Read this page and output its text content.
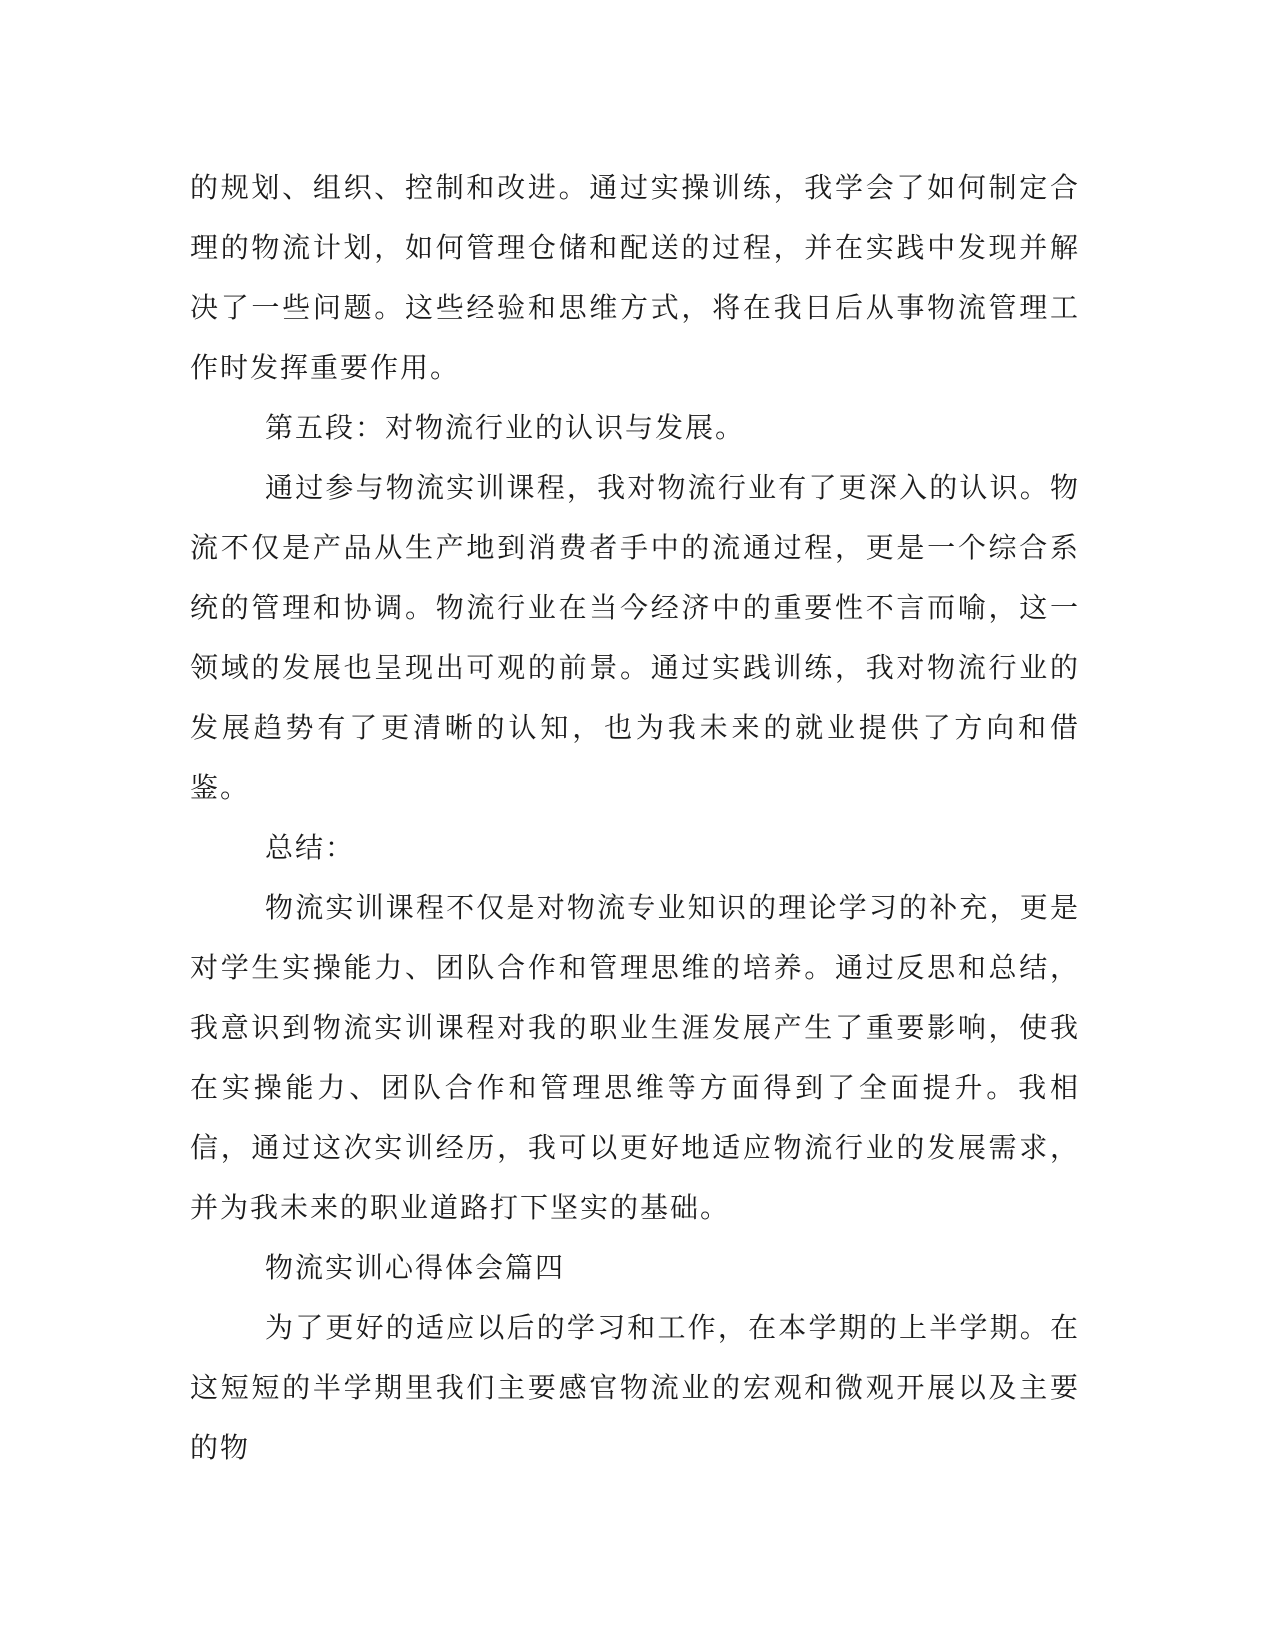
的规划、组织、控制和改进。通过实操训练，我学会了如何制定合理的物流计划，如何管理仓储和配送的过程，并在实践中发现并解决了一些问题。这些经验和思维方式，将在我日后从事物流管理工作时发挥重要作用。

第五段：对物流行业的认识与发展。

通过参与物流实训课程，我对物流行业有了更深入的认识。物流不仅是产品从生产地到消费者手中的流通过程，更是一个综合系统的管理和协调。物流行业在当今经济中的重要性不言而喻，这一领域的发展也呈现出可观的前景。通过实践训练，我对物流行业的发展趋势有了更清晰的认知，也为我未来的就业提供了方向和借鉴。

总结：

物流实训课程不仅是对物流专业知识的理论学习的补充，更是对学生实操能力、团队合作和管理思维的培养。通过反思和总结，我意识到物流实训课程对我的职业生涯发展产生了重要影响，使我在实操能力、团队合作和管理思维等方面得到了全面提升。我相信，通过这次实训经历，我可以更好地适应物流行业的发展需求，并为我未来的职业道路打下坚实的基础。

物流实训心得体会篇四

为了更好的适应以后的学习和工作，在本学期的上半学期。在这短短的半学期里我们主要感官物流业的宏观和微观开展以及主要的物
